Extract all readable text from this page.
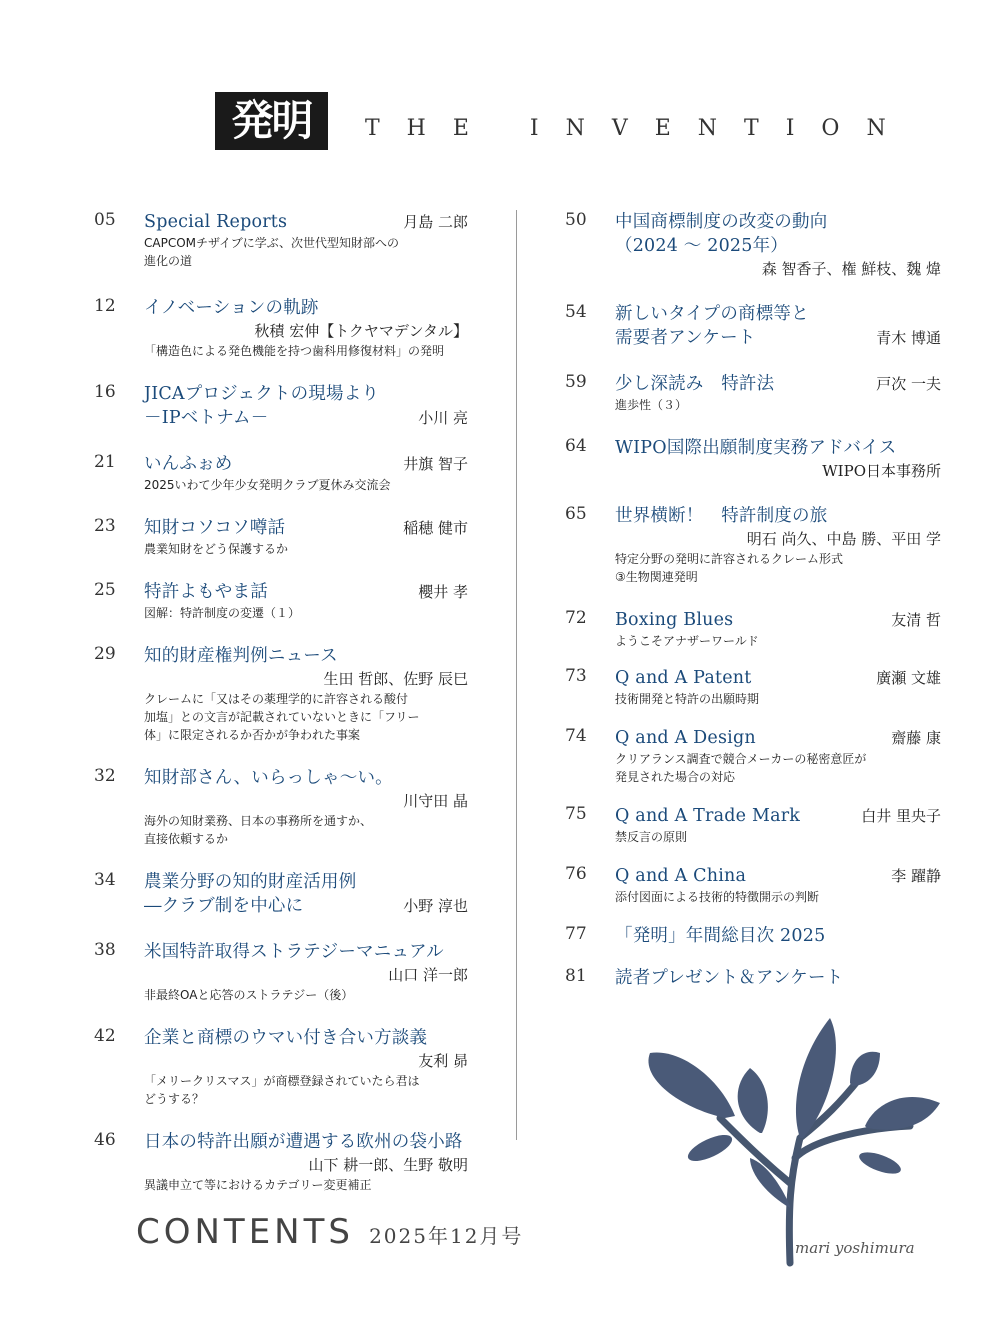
発明	THE INVENTION
05 Special Reports	月島 二郎
CAPCOMチザイブに学ぶ、次世代型知財部への
進化の道
12 イノベーションの軌跡
秋積 宏伸【トクヤマデンタル】
「構造色による発色機能を持つ歯科用修復材料」の発明
16 JICAプロジェクトの現場より
－IPベトナム－	小川 亮
21 いんふぉめ	井旗 智子
2025いわて少年少女発明クラブ夏休み交流会
23 知財コソコソ噂話	稲穂 健市
農業知財をどう保護するか
25 特許よもやま話	櫻井 孝
図解：特許制度の変遷（１）
29 知的財産権判例ニュース
生田 哲郎、佐野 辰巳
クレームに「又はその薬理学的に許容される酸付
加塩」との文言が記載されていないときに「フリー
体」に限定されるか否かが争われた事案
32 知財部さん、いらっしゃ〜い。
川守田 晶
海外の知財業務、日本の事務所を通すか、
直接依頼するか
34 農業分野の知的財産活用例
―クラブ制を中心に	小野 淳也
38 米国特許取得ストラテジーマニュアル
山口 洋一郎
非最終OAと応答のストラテジー（後）
42 企業と商標のウマい付き合い方談義
友利 昴
「メリークリスマス」が商標登録されていたら君は
どうする？
46 日本の特許出願が遭遇する欧州の袋小路
山下 耕一郎、生野 敬明
異議申立て等におけるカテゴリー変更補正
50 中国商標制度の改変の動向
（2024 〜 2025年）
森 智香子、権 鮮枝、魏 煒
54 新しいタイプの商標等と
需要者アンケート	青木 博通
59 少し深読み　特許法	戸次 一夫
進歩性（３）
64 WIPO国際出願制度実務アドバイス
WIPO日本事務所
65 世界横断！　特許制度の旅
明石 尚久、中島 勝、平田 学
特定分野の発明に許容されるクレーム形式
③生物関連発明
72 Boxing Blues	友清 哲
ようこそアナザーワールド
73 Q and A Patent	廣瀬 文雄
技術開発と特許の出願時期
74 Q and A Design	齋藤 康
クリアランス調査で競合メーカーの秘密意匠が
発見された場合の対応
75 Q and A Trade Mark	白井 里央子
禁反言の原則
76 Q and A China	李 躍静
添付図面による技術的特徴開示の判断
77 「発明」年間総目次 2025
81 読者プレゼント＆アンケート
CONTENTS 2025年12月号	mari yoshimura
